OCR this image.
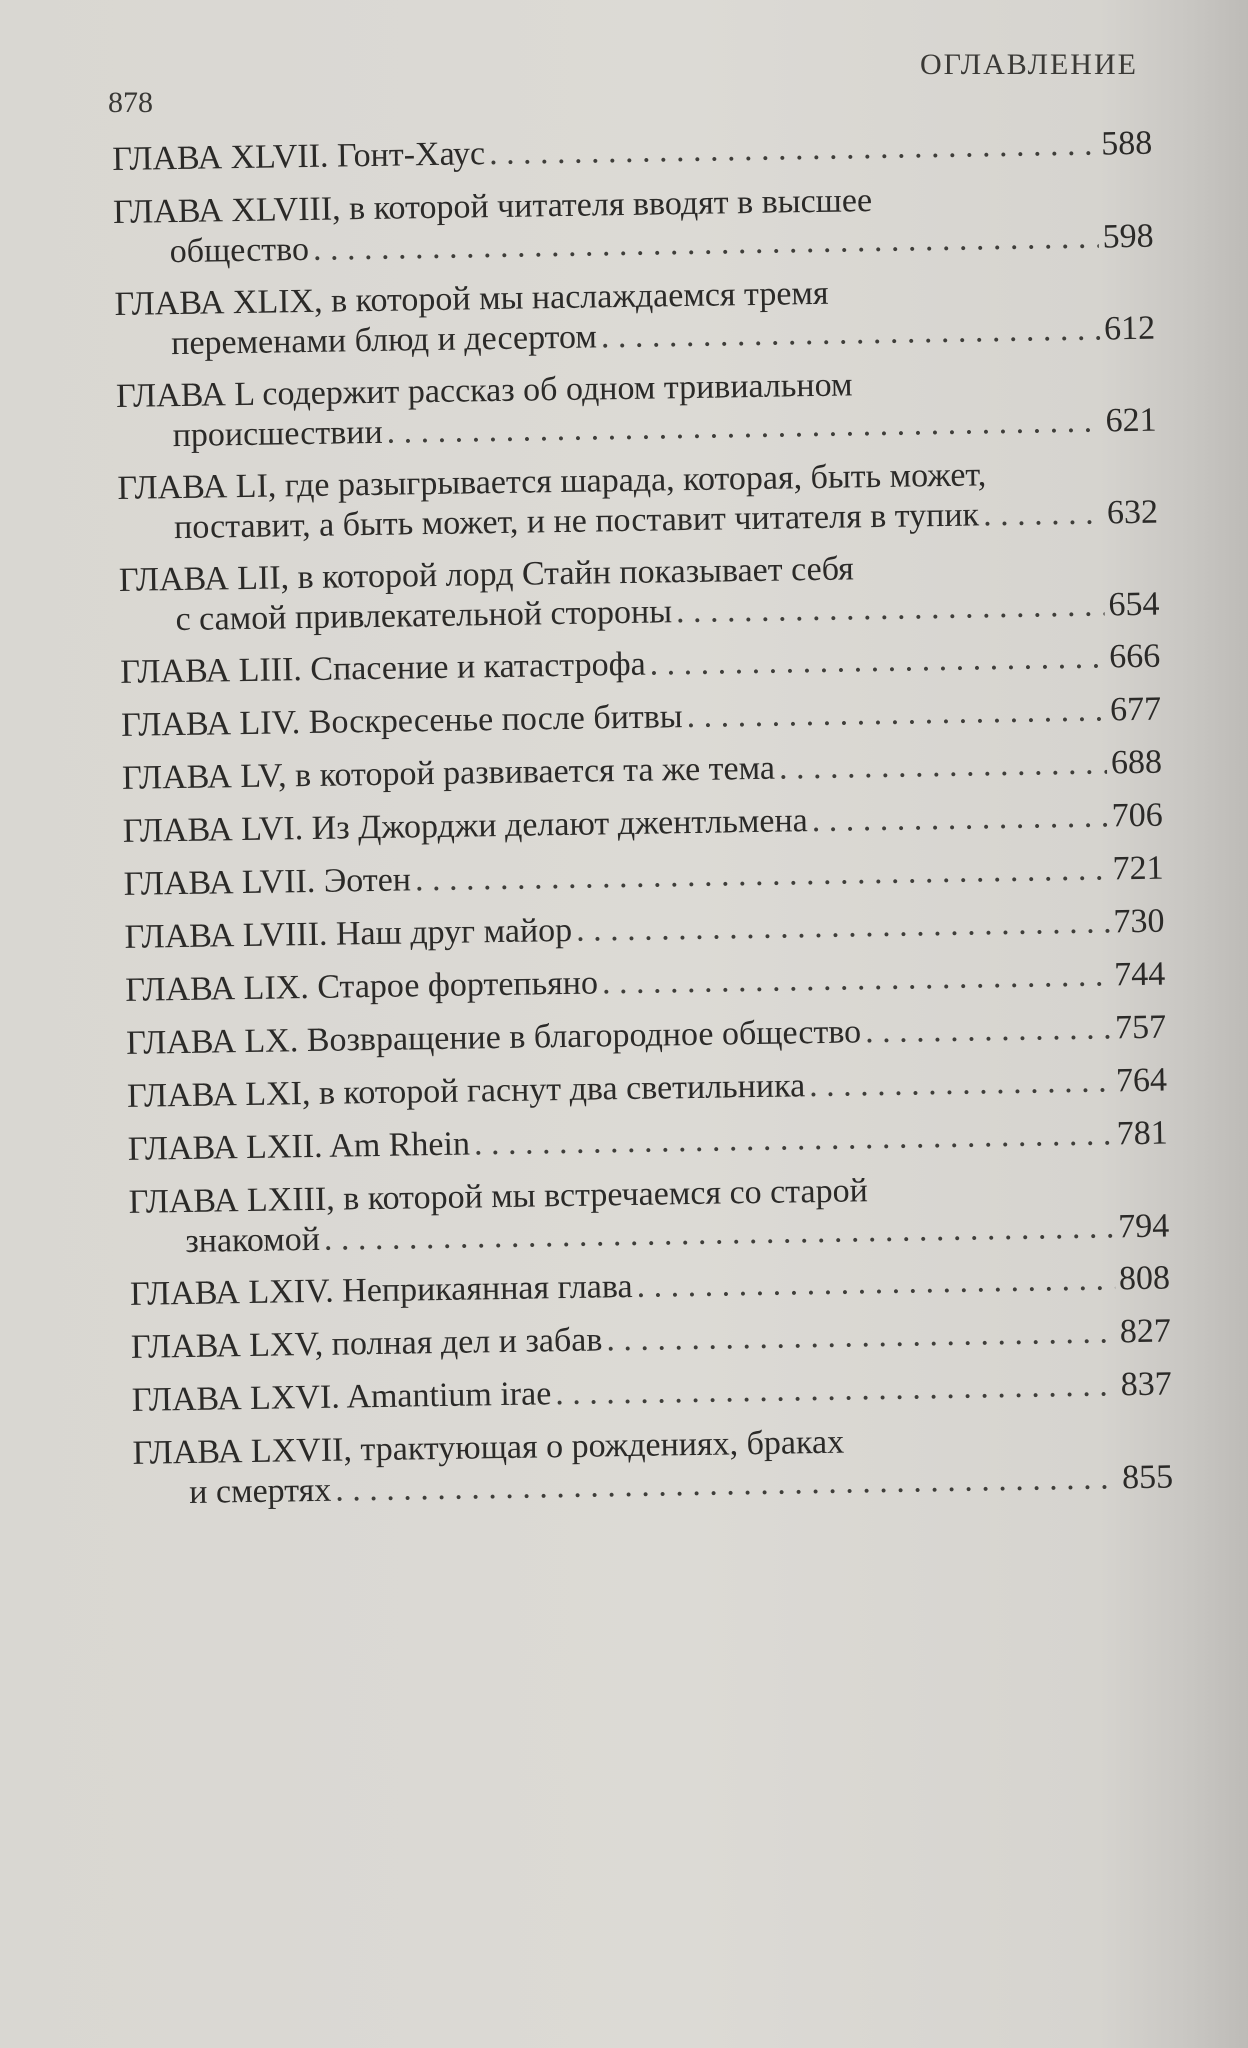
ОГЛАВЛЕНИЕ
878
ГЛАВА XLVII. Гонт-Хаус . . .	588
ГЛАВА XLVIII, в которой читателя вводят в высшее
общество . . .	598
ГЛАВА XLIX, в которой мы наслаждаемся тремя
переменами блюд и десертом . . .	612
ГЛАВА L содержит рассказ об одном тривиальном
происшествии . . .	621
ГЛАВА LI, где разыгрывается шарада, которая, быть может,
поставит, а быть может, и не поставит читателя в тупик . . .	632
ГЛАВА LII, в которой лорд Стайн показывает себя
с самой привлекательной стороны . . .	654
ГЛАВА LIII. Спасение и катастрофа . . .	666
ГЛАВА LIV. Воскресенье после битвы . . .	677
ГЛАВА LV, в которой развивается та же тема . . .	688
ГЛАВА LVI. Из Джорджи делают джентльмена . . .	706
ГЛАВА LVII. Эотен . . .	721
ГЛАВА LVIII. Наш друг майор . . .	730
ГЛАВА LIX. Старое фортепьяно . . .	744
ГЛАВА LX. Возвращение в благородное общество . . .	757
ГЛАВА LXI, в которой гаснут два светильника . . .	764
ГЛАВА LXII. Am Rhein . . .	781
ГЛАВА LXIII, в которой мы встречаемся со старой
знакомой . . .	794
ГЛАВА LXIV. Неприкаянная глава . . .	808
ГЛАВА LXV, полная дел и забав . . .	827
ГЛАВА LXVI. Amantium irae . . .	837
ГЛАВА LXVII, трактующая о рождениях, браках
и смертях . . .	855
